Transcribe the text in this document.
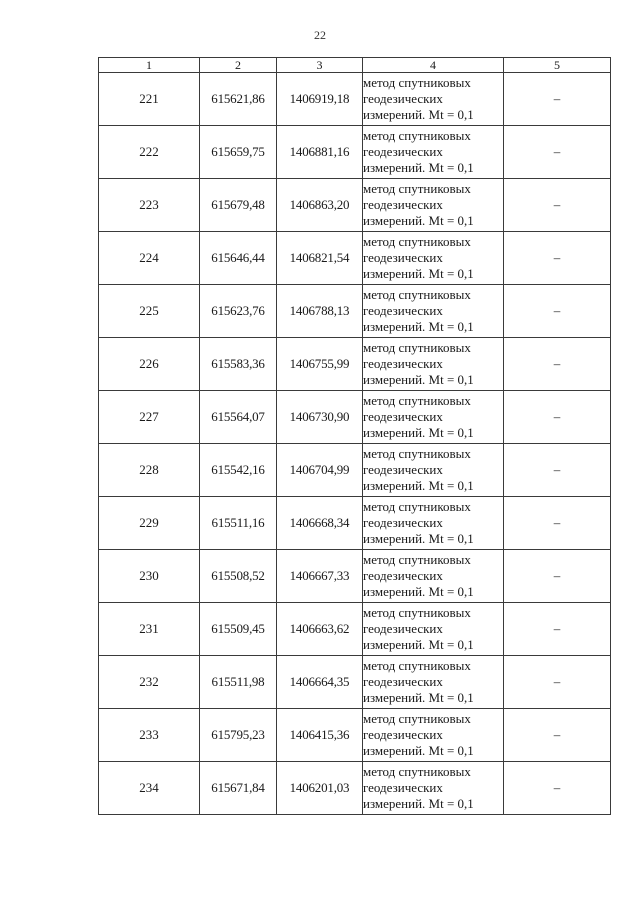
22
1	2	3	4	5
221	615621,86	1406919,18	метод спутниковых
геодезических
измерений. Mt = 0,1	–
222	615659,75	1406881,16	метод спутниковых
геодезических
измерений. Mt = 0,1	–
223	615679,48	1406863,20	метод спутниковых
геодезических
измерений. Mt = 0,1	–
224	615646,44	1406821,54	метод спутниковых
геодезических
измерений. Mt = 0,1	–
225	615623,76	1406788,13	метод спутниковых
геодезических
измерений. Mt = 0,1	–
226	615583,36	1406755,99	метод спутниковых
геодезических
измерений. Mt = 0,1	–
227	615564,07	1406730,90	метод спутниковых
геодезических
измерений. Mt = 0,1	–
228	615542,16	1406704,99	метод спутниковых
геодезических
измерений. Mt = 0,1	–
229	615511,16	1406668,34	метод спутниковых
геодезических
измерений. Mt = 0,1	–
230	615508,52	1406667,33	метод спутниковых
геодезических
измерений. Mt = 0,1	–
231	615509,45	1406663,62	метод спутниковых
геодезических
измерений. Mt = 0,1	–
232	615511,98	1406664,35	метод спутниковых
геодезических
измерений. Mt = 0,1	–
233	615795,23	1406415,36	метод спутниковых
геодезических
измерений. Mt = 0,1	–
234	615671,84	1406201,03	метод спутниковых
геодезических
измерений. Mt = 0,1	–
